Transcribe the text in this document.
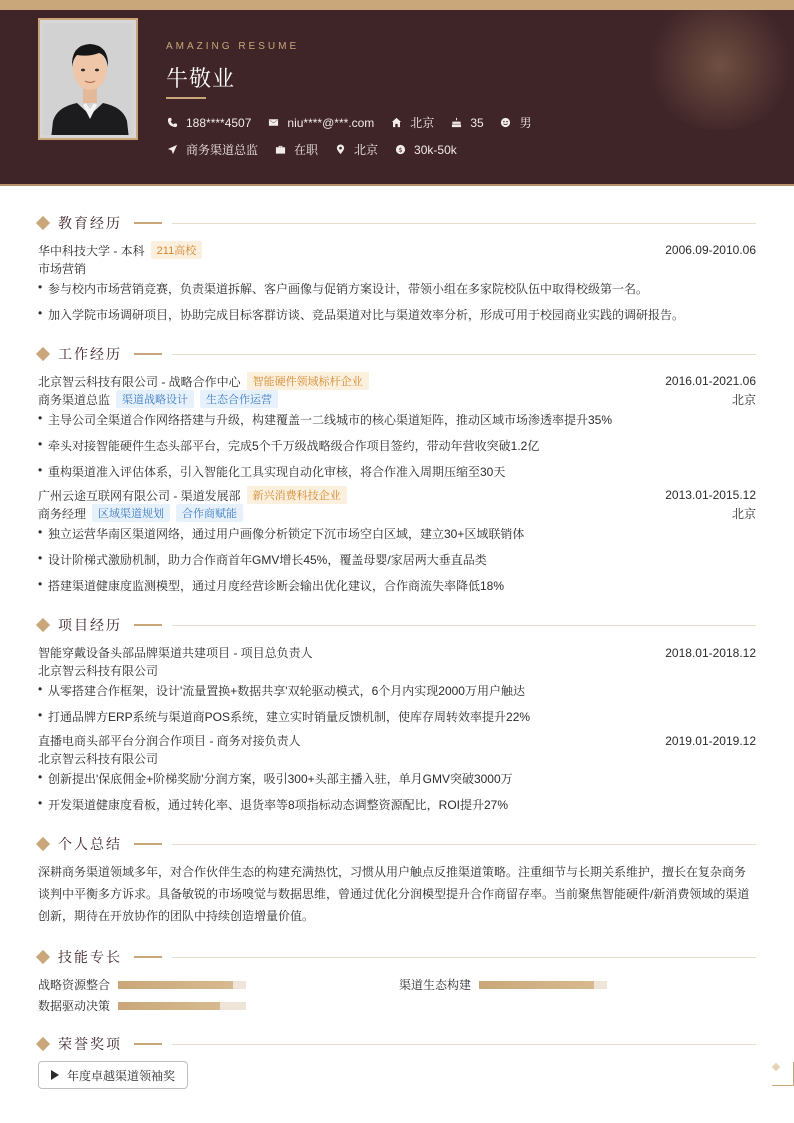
AMAZING RESUME
牛敬业
188****4507	niu****@***.com	北京	35	男
商务渠道总监	在职	北京	$ 30k-50k
教育经历
华中科技大学 - 本科	211高校	2006.09-2010.06
市场营销
• 参与校内市场营销竞赛，负责渠道拆解、客户画像与促销方案设计，带领小组在多家院校队伍中取得校级第一名。
• 加入学院市场调研项目，协助完成目标客群访谈、竞品渠道对比与渠道效率分析，形成可用于校园商业实践的调研报告。
工作经历
北京智云科技有限公司 - 战略合作中心	智能硬件领域标杆企业	2016.01-2021.06
商务渠道总监	渠道战略设计	生态合作运营	北京
• 主导公司全渠道合作网络搭建与升级，构建覆盖一二线城市的核心渠道矩阵，推动区域市场渗透率提升35%
• 牵头对接智能硬件生态头部平台，完成5个千万级战略级合作项目签约，带动年营收突破1.2亿
• 重构渠道准入评估体系，引入智能化工具实现自动化审核，将合作准入周期压缩至30天
广州云途互联网有限公司 - 渠道发展部	新兴消费科技企业	2013.01-2015.12
商务经理	区域渠道规划	合作商赋能	北京
• 独立运营华南区渠道网络，通过用户画像分析锁定下沉市场空白区域，建立30+区域联销体
• 设计阶梯式激励机制，助力合作商首年GMV增长45%，覆盖母婴/家居两大垂直品类
• 搭建渠道健康度监测模型，通过月度经营诊断会输出优化建议，合作商流失率降低18%
项目经历
智能穿戴设备头部品牌渠道共建项目 - 项目总负责人	2018.01-2018.12
北京智云科技有限公司
• 从零搭建合作框架，设计'流量置换+数据共享'双轮驱动模式，6个月内实现2000万用户触达
• 打通品牌方ERP系统与渠道商POS系统，建立实时销量反馈机制，使库存周转效率提升22%
直播电商头部平台分润合作项目 - 商务对接负责人	2019.01-2019.12
北京智云科技有限公司
• 创新提出'保底佣金+阶梯奖励'分润方案，吸引300+头部主播入驻，单月GMV突破3000万
• 开发渠道健康度看板，通过转化率、退货率等8项指标动态调整资源配比，ROI提升27%
个人总结
深耕商务渠道领域多年，对合作伙伴生态的构建充满热忱，习惯从用户触点反推渠道策略。注重细节与长期关系维护，擅长在复杂商务谈判中平衡多方诉求。具备敏锐的市场嗅觉与数据思维，曾通过优化分润模型提升合作商留存率。当前聚焦智能硬件/新消费领域的渠道创新，期待在开放协作的团队中持续创造增量价值。
技能专长
战略资源整合	渠道生态构建
数据驱动决策
荣誉奖项
年度卓越渠道领袖奖
